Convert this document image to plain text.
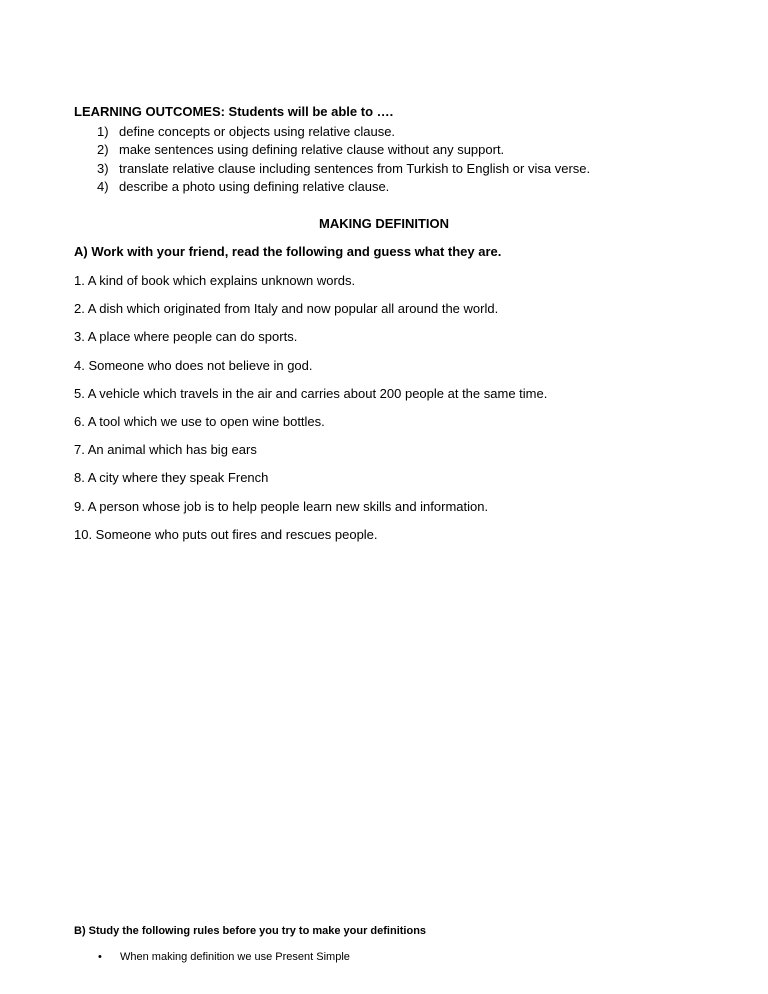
LEARNING OUTCOMES: Students will be able to ….
1) define concepts or objects using relative clause.
2) make sentences using defining relative clause without any support.
3) translate relative clause including sentences from Turkish to English or visa verse.
4) describe a photo using defining relative clause.
MAKING DEFINITION
A) Work with your friend, read the following and guess what they are.
1. A kind of book which explains unknown words.
2. A dish which originated from Italy and now popular all around the world.
3. A place where people can do sports.
4. Someone who does not believe in god.
5. A vehicle which travels in the air and carries about 200 people at the same time.
6. A tool which we use to open wine bottles.
7. An animal which has big ears
8. A city where they speak French
9. A person whose job is to help people learn new skills and information.
10. Someone who puts out fires and rescues people.
B) Study the following rules before you try to make your definitions
• When making definition we use Present Simple
